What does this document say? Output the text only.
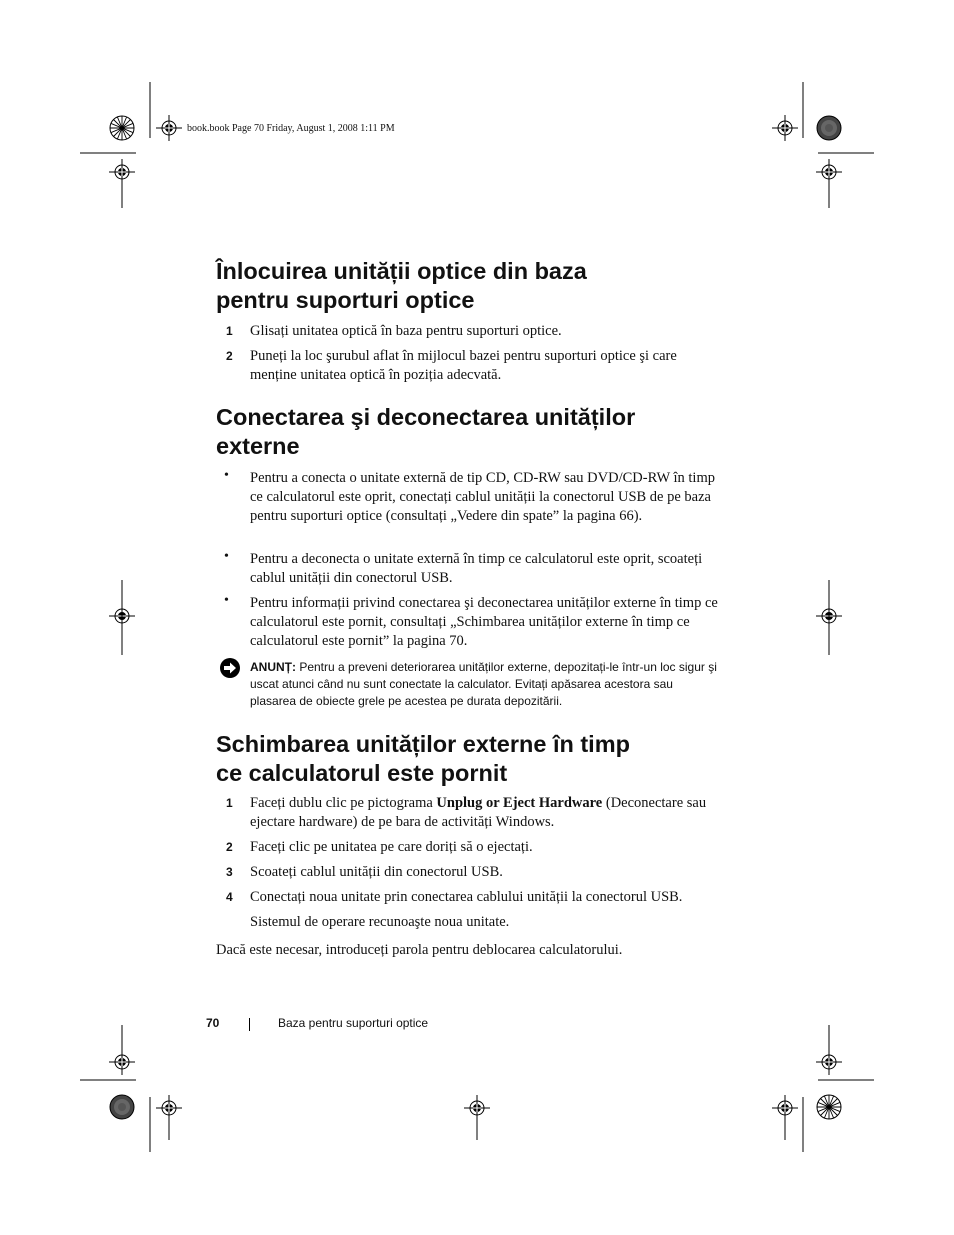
book.book Page 70 Friday, August 1, 2008 1:11 PM
Înlocuirea unității optice din baza
pentru suporturi optice
1 Glisați unitatea optică în baza pentru suporturi optice.
2 Puneți la loc şurubul aflat în mijlocul bazei pentru suporturi optice şi care menține unitatea optică în poziția adecvată.
Conectarea şi deconectarea unităților
externe
• Pentru a conecta o unitate externă de tip CD, CD-RW sau DVD/CD-RW în timp ce calculatorul este oprit, conectați cablul unității la conectorul USB de pe baza pentru suporturi optice (consultați „Vedere din spate” la pagina 66).
• Pentru a deconecta o unitate externă în timp ce calculatorul este oprit, scoateți cablul unității din conectorul USB.
• Pentru informații privind conectarea şi deconectarea unităților externe în timp ce calculatorul este pornit, consultați „Schimbarea unităților externe în timp ce calculatorul este pornit” la pagina 70.
ANUNȚ: Pentru a preveni deteriorarea unităților externe, depozitați-le într-un loc sigur şi uscat atunci când nu sunt conectate la calculator. Evitați apăsarea acestora sau plasarea de obiecte grele pe acestea pe durata depozitării.
Schimbarea unităților externe în timp
ce calculatorul este pornit
1 Faceți dublu clic pe pictograma Unplug or Eject Hardware (Deconectare sau ejectare hardware) de pe bara de activități Windows.
2 Faceți clic pe unitatea pe care doriți să o ejectați.
3 Scoateți cablul unității din conectorul USB.
4 Conectați noua unitate prin conectarea cablului unității la conectorul USB.
Sistemul de operare recunoaşte noua unitate.
Dacă este necesar, introduceți parola pentru deblocarea calculatorului.
70	Baza pentru suporturi optice
